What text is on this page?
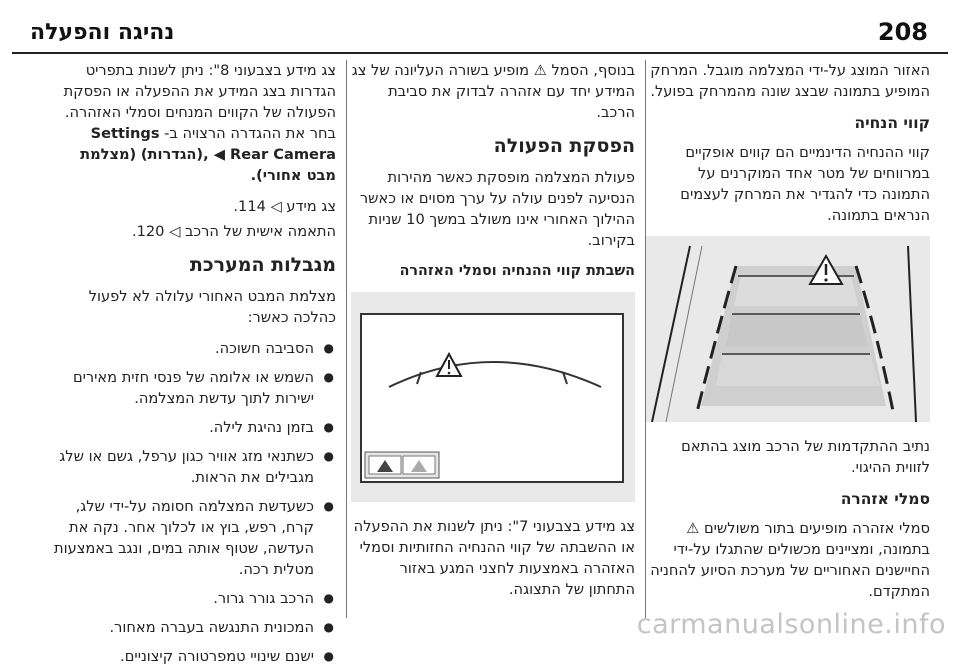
208
נהיגה והפעלה

האזור המוצג על-ידי המצלמה מוגבל. המרחק המופיע בתמונה שבצג שונה מהמרחק בפועל.

קווי הנחיה

קווי ההנחיה הדינמיים הם קווים אופקיים במרווחים של מטר אחד המוקרנים על התמונה כדי להגדיר את המרחק לעצמים הנראים בתמונה.

נתיב ההתקדמות של הרכב מוצג בהתאם לזווית ההיגוי.

סמלי אזהרה

סמלי אזהרה מופיעים בתור משולשים ⚠ בתמונה, ומציינים מכשולים שהתגלו על-ידי החיישנים האחוריים של מערכת הסיוע להחניה המתקדם.

בנוסף, הסמל ⚠ מופיע בשורה העליונה של צג המידע יחד עם אזהרה לבדוק את סביבת הרכב.

הפסקת הפעולה

פעולת המצלמה מופסקת כאשר מהירות הנסיעה לפנים עולה על ערך מסוים או כאשר ההילוך האחורי אינו משולב במשך 10 שניות בקירוב.

השבתת קווי ההנחיה וסמלי האזהרה

צג מידע בצבעוני 7": ניתן לשנות את ההפעלה או ההשבתה של קווי ההנחיה החזותיות וסמלי האזהרה באמצעות לחצני המגע באזור התחתון של התצוגה.

צג מידע בצבעוני 8": ניתן לשנות בתפריט הגדרות בצג המידע את ההפעלה או הפסקת הפעולה של הקווים המנחים וסמלי האזהרה. בחר את ההגדרה הרצויה ב- Settings (הגדרות), ◀ Rear Camera (מצלמת מבט אחורי).

צג מידע ◁ 114.

התאמה אישית של הרכב ◁ 120.

מגבלות המערכת

מצלמת המבט האחורי עלולה לא לפעול כהלכה כאשר:

● הסביבה חשוכה.
● השמש או אלומה של פנסי חזית מאירים ישירות לתוך עדשת המצלמה.
● בזמן נהיגת לילה.
● כשתנאי מזג אוויר כגון ערפל, גשם או שלג מגבילים את הראות.
● כשעדשת המצלמה חסומה על-ידי שלג, קרח, רפש, בוץ או לכלוך אחר. נקה את העדשה, שטוף אותה במים, ונגב באמצעות מטלית רכה.
● הרכב גורר גרור.
● המכונית התנגשה בעברה מאחור.
● ישנם שינויי טמפרטורה קיצוניים.
carmanualsonline.info
